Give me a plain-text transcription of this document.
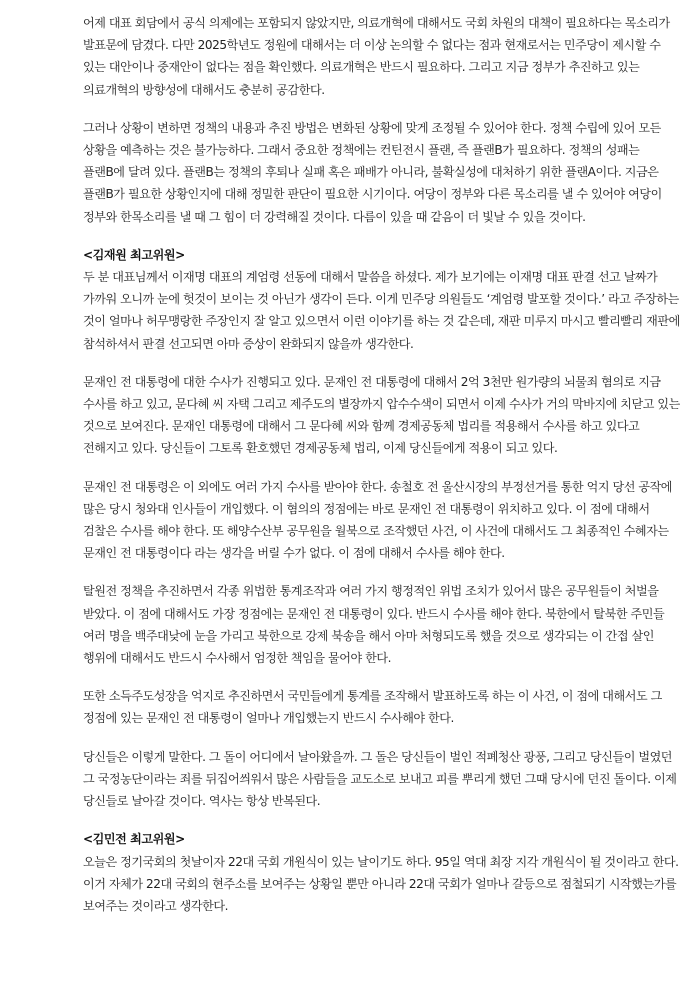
어제 대표 회담에서 공식 의제에는 포함되지 않았지만, 의료개혁에 대해서도 국회 차원의 대책이 필요하다는 목소리가 발표문에 담겼다. 다만 2025학년도 정원에 대해서는 더 이상 논의할 수 없다는 점과 현재로서는 민주당이 제시할 수 있는 대안이나 중재안이 없다는 점을 확인했다. 의료개혁은 반드시 필요하다. 그리고 지금 정부가 추진하고 있는 의료개혁의 방향성에 대해서도 충분히 공감한다.

그러나 상황이 변하면 정책의 내용과 추진 방법은 변화된 상황에 맞게 조정될 수 있어야 한다. 정책 수립에 있어 모든 상황을 예측하는 것은 불가능하다. 그래서 중요한 정책에는 컨틴전시 플랜, 즉 플랜B가 필요하다. 정책의 성패는 플랜B에 달려 있다. 플랜B는 정책의 후퇴나 실패 혹은 패배가 아니라, 불확실성에 대처하기 위한 플랜A이다. 지금은 플랜B가 필요한 상황인지에 대해 정밀한 판단이 필요한 시기이다. 여당이 정부와 다른 목소리를 낼 수 있어야 여당이 정부와 한목소리를 낼 때 그 힘이 더 강력해질 것이다. 다름이 있을 때 같음이 더 빛날 수 있을 것이다.

<김재원 최고위원>

두 분 대표님께서 이재명 대표의 계엄령 선동에 대해서 말씀을 하셨다. 제가 보기에는 이재명 대표 판결 선고 날짜가 가까워 오니까 눈에 헛것이 보이는 것 아닌가 생각이 든다. 이게 민주당 의원들도 ‘계엄령 발포할 것이다.’ 라고 주장하는 것이 얼마나 허무맹랑한 주장인지 잘 알고 있으면서 이런 이야기를 하는 것 같은데, 재판 미루지 마시고 빨리빨리 재판에 참석하셔서 판결 선고되면 아마 증상이 완화되지 않을까 생각한다.

문재인 전 대통령에 대한 수사가 진행되고 있다. 문재인 전 대통령에 대해서 2억 3천만 원가량의 뇌물죄 혐의로 지금 수사를 하고 있고, 문다혜 씨 자택 그리고 제주도의 별장까지 압수수색이 되면서 이제 수사가 거의 막바지에 치닫고 있는 것으로 보여진다. 문재인 대통령에 대해서 그 문다혜 씨와 함께 경제공동체 법리를 적용해서 수사를 하고 있다고 전해지고 있다. 당신들이 그토록 환호했던 경제공동체 법리, 이제 당신들에게 적용이 되고 있다.

문재인 전 대통령은 이 외에도 여러 가지 수사를 받아야 한다. 송철호 전 울산시장의 부정선거를 통한 억지 당선 공작에 많은 당시 청와대 인사들이 개입했다. 이 혐의의 정점에는 바로 문재인 전 대통령이 위치하고 있다. 이 점에 대해서 검찰은 수사를 해야 한다. 또 해양수산부 공무원을 월북으로 조작했던 사건, 이 사건에 대해서도 그 최종적인 수혜자는 문재인 전 대통령이다 라는 생각을 버릴 수가 없다. 이 점에 대해서 수사를 해야 한다.

탈원전 정책을 추진하면서 각종 위법한 통계조작과 여러 가지 행정적인 위법 조치가 있어서 많은 공무원들이 처벌을 받았다. 이 점에 대해서도 가장 정점에는 문재인 전 대통령이 있다. 반드시 수사를 해야 한다. 북한에서 탈북한 주민들 여러 명을 백주대낮에 눈을 가리고 북한으로 강제 북송을 해서 아마 처형되도록 했을 것으로 생각되는 이 간접 살인 행위에 대해서도 반드시 수사해서 엄정한 책임을 물어야 한다.

또한 소득주도성장을 억지로 추진하면서 국민들에게 통계를 조작해서 발표하도록 하는 이 사건, 이 점에 대해서도 그 정점에 있는 문재인 전 대통령이 얼마나 개입했는지 반드시 수사해야 한다.

당신들은 이렇게 말한다. 그 돌이 어디에서 날아왔을까. 그 돌은 당신들이 벌인 적폐청산 광풍, 그리고 당신들이 벌였던 그 국정농단이라는 죄를 뒤집어씌워서 많은 사람들을 교도소로 보내고 피를 뿌리게 했던 그때 당시에 던진 돌이다. 이제 당신들로 날아갈 것이다. 역사는 항상 반복된다.

<김민전 최고위원>

오늘은 정기국회의 첫날이자 22대 국회 개원식이 있는 날이기도 하다. 95일 역대 최장 지각 개원식이 될 것이라고 한다. 이거 자체가 22대 국회의 현주소를 보여주는 상황일 뿐만 아니라 22대 국회가 얼마나 갈등으로 점철되기 시작했는가를 보여주는 것이라고 생각한다.
